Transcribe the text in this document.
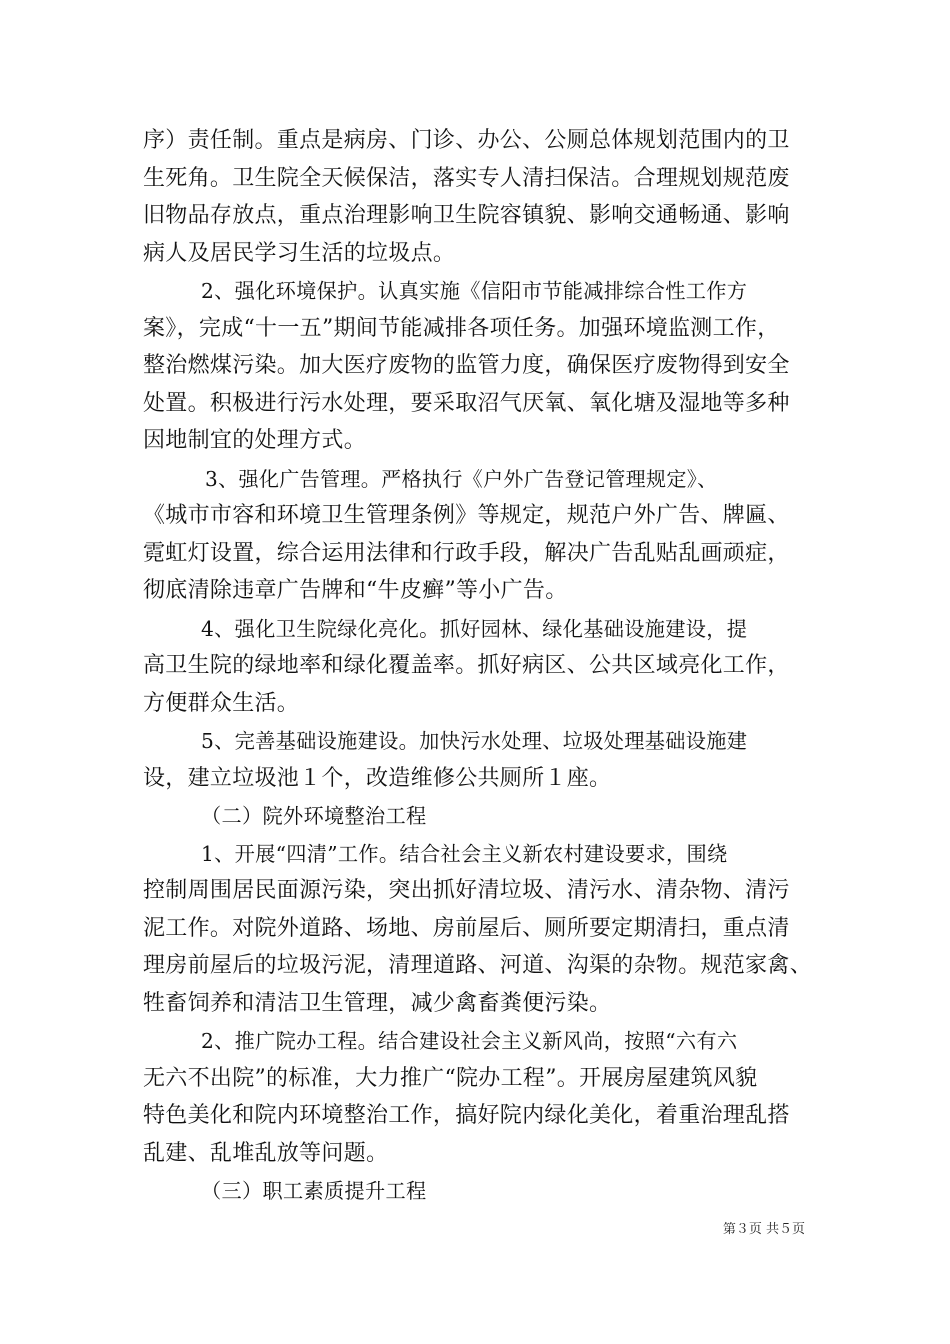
序）责任制。重点是病房、门诊、办公、公厕总体规划范围内的卫
生死角。卫生院全天候保洁，落实专人清扫保洁。合理规划规范废
旧物品存放点，重点治理影响卫生院容镇貌、影响交通畅通、影响
病人及居民学习生活的垃圾点。
2、强化环境保护。认真实施《信阳市节能减排综合性工作方
案》，完成“十一五”期间节能减排各项任务。加强环境监测工作，
整治燃煤污染。加大医疗废物的监管力度，确保医疗废物得到安全
处置。积极进行污水处理，要采取沼气厌氧、氧化塘及湿地等多种
因地制宜的处理方式。
3、强化广告管理。严格执行《户外广告登记管理规定》、
《城市市容和环境卫生管理条例》等规定，规范户外广告、牌匾、
霓虹灯设置，综合运用法律和行政手段，解决广告乱贴乱画顽症，
彻底清除违章广告牌和“牛皮癣”等小广告。
4、强化卫生院绿化亮化。抓好园林、绿化基础设施建设，提
高卫生院的绿地率和绿化覆盖率。抓好病区、公共区域亮化工作，
方便群众生活。
5、完善基础设施建设。加快污水处理、垃圾处理基础设施建
设，建立垃圾池１个，改造维修公共厕所１座。
（二）院外环境整治工程
1、开展“四清”工作。结合社会主义新农村建设要求，围绕
控制周围居民面源污染，突出抓好清垃圾、清污水、清杂物、清污
泥工作。对院外道路、场地、房前屋后、厕所要定期清扫，重点清
理房前屋后的垃圾污泥，清理道路、河道、沟渠的杂物。规范家禽、
牲畜饲养和清洁卫生管理，减少禽畜粪便污染。
2、推广院办工程。结合建设社会主义新风尚，按照“六有六
无六不出院”的标准，大力推广“院办工程”。开展房屋建筑风貌
特色美化和院内环境整治工作，搞好院内绿化美化，着重治理乱搭
乱建、乱堆乱放等问题。
（三）职工素质提升工程
第３页 共５页
